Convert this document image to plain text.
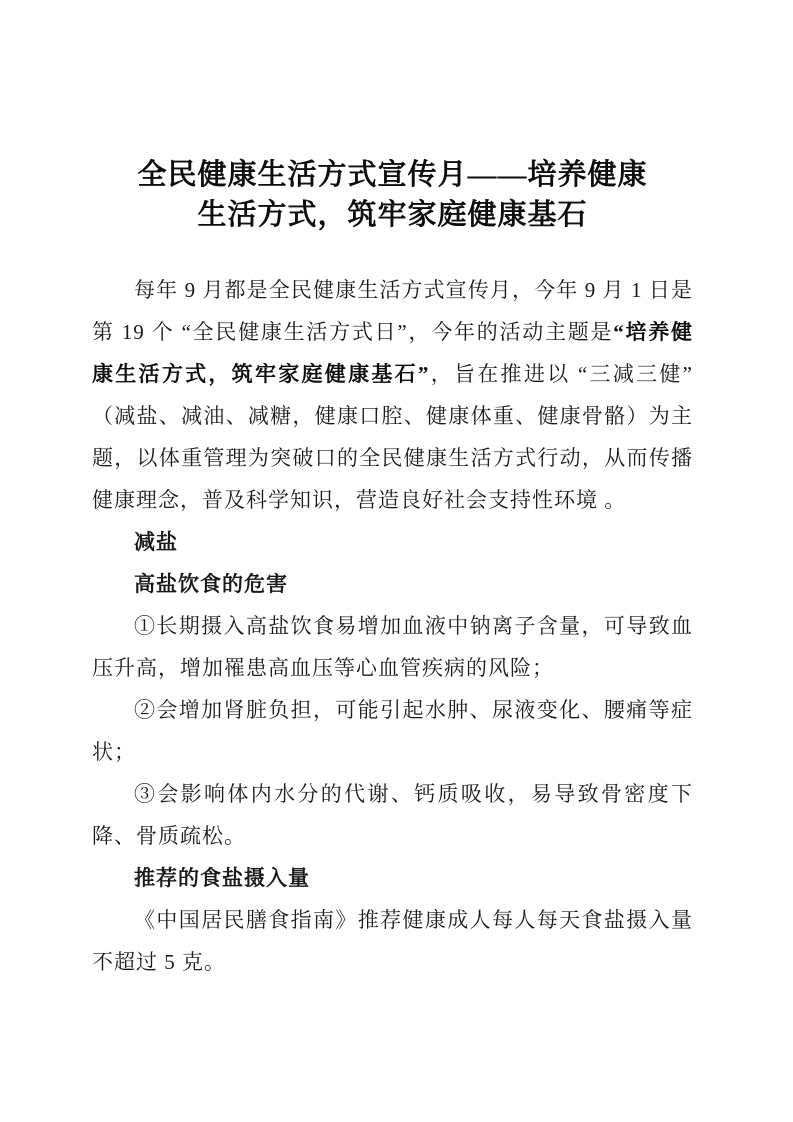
全民健康生活方式宣传月——培养健康
生活方式，筑牢家庭健康基石

每年 9 月都是全民健康生活方式宣传月，今年 9 月 1 日是第 19 个 “全民健康生活方式日”，今年的活动主题是“培养健康生活方式，筑牢家庭健康基石”，旨在推进以 “三减三健” （减盐、减油、减糖，健康口腔、健康体重、健康骨骼）为主题，以体重管理为突破口的全民健康生活方式行动，从而传播健康理念，普及科学知识，营造良好社会支持性环境 。

减盐

高盐饮食的危害

①长期摄入高盐饮食易增加血液中钠离子含量，可导致血压升高，增加罹患高血压等心血管疾病的风险；

②会增加肾脏负担，可能引起水肿、尿液变化、腰痛等症状；

③会影响体内水分的代谢、钙质吸收，易导致骨密度下降、骨质疏松。

推荐的食盐摄入量

《中国居民膳食指南》推荐健康成人每人每天食盐摄入量不超过 5 克。
